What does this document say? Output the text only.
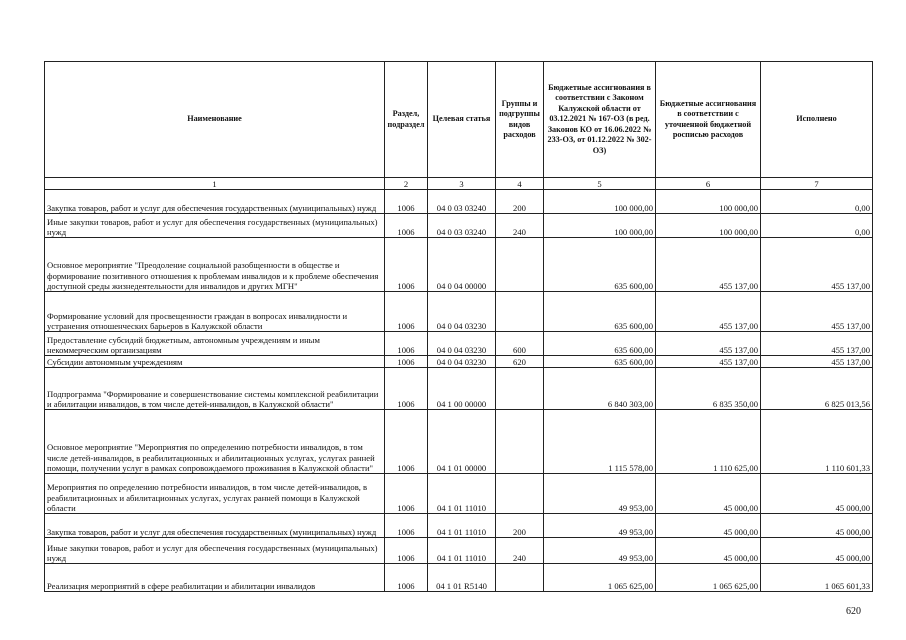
Наименование	Раздел, подраздел	Целевая статья	Группы и подгруппы видов расходов	Бюджетные ассигнования в соответствии с Законом Калужской области от 03.12.2021 № 167-ОЗ (в ред. Законов КО от 16.06.2022 № 233-ОЗ, от 01.12.2022 № 302-ОЗ)	Бюджетные ассигнования в соответствии с уточненной бюджетной росписью расходов	Исполнено
1	2	3	4	5	6	7
Закупка товаров, работ и услуг для обеспечения государственных (муниципальных) нужд	1006	04 0 03 03240	200	100 000,00	100 000,00	0,00
Иные закупки товаров, работ и услуг для обеспечения государственных (муниципальных) нужд	1006	04 0 03 03240	240	100 000,00	100 000,00	0,00
Основное мероприятие "Преодоление социальной разобщенности в обществе и формирование позитивного отношения к проблемам инвалидов и к проблеме обеспечения доступной среды жизнедеятельности для инвалидов и других МГН"	1006	04 0 04 00000		635 600,00	455 137,00	455 137,00
Формирование условий для просвещенности граждан в вопросах инвалидности и устранения отношенческих барьеров в Калужской области	1006	04 0 04 03230		635 600,00	455 137,00	455 137,00
Предоставление субсидий бюджетным, автономным учреждениям и иным некоммерческим организациям	1006	04 0 04 03230	600	635 600,00	455 137,00	455 137,00
Субсидии автономным учреждениям	1006	04 0 04 03230	620	635 600,00	455 137,00	455 137,00
Подпрограмма "Формирование и совершенствование системы комплексной реабилитации и абилитации инвалидов, в том числе детей-инвалидов, в Калужской области"	1006	04 1 00 00000		6 840 303,00	6 835 350,00	6 825 013,56
Основное мероприятие "Мероприятия по определению потребности инвалидов, в том числе детей-инвалидов, в реабилитационных и абилитационных услугах, услугах ранней помощи, получении услуг в рамках сопровождаемого проживания в Калужской области"	1006	04 1 01 00000		1 115 578,00	1 110 625,00	1 110 601,33
Мероприятия по определению потребности инвалидов, в том числе детей-инвалидов, в реабилитационных и абилитационных услугах, услугах ранней помощи в Калужской области	1006	04 1 01 11010		49 953,00	45 000,00	45 000,00
Закупка товаров, работ и услуг для обеспечения государственных (муниципальных) нужд	1006	04 1 01 11010	200	49 953,00	45 000,00	45 000,00
Иные закупки товаров, работ и услуг для обеспечения государственных (муниципальных) нужд	1006	04 1 01 11010	240	49 953,00	45 000,00	45 000,00
Реализация мероприятий в сфере реабилитации и абилитации инвалидов	1006	04 1 01 R5140		1 065 625,00	1 065 625,00	1 065 601,33
620
